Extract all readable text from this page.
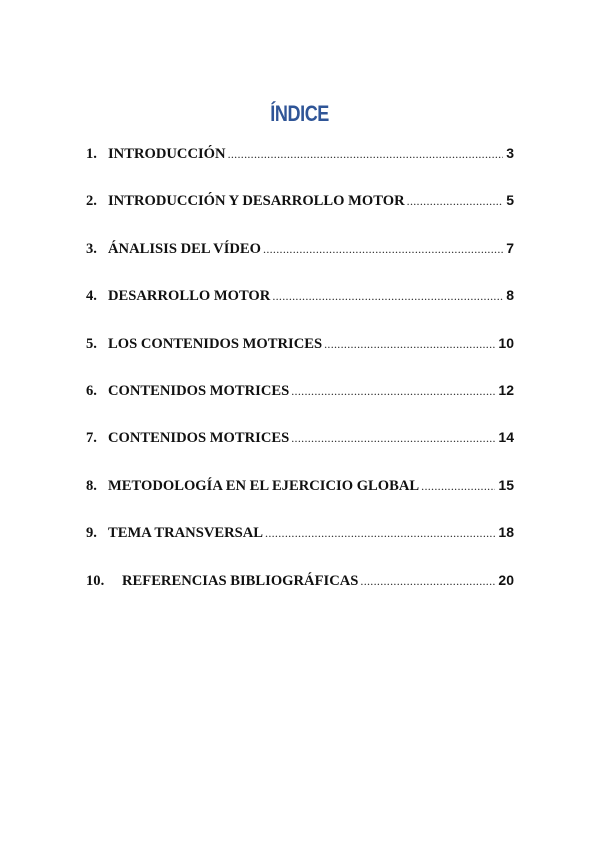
ÍNDICE
1. INTRODUCCIÓN .....	3
2. INTRODUCCIÓN Y DESARROLLO MOTOR .....	5
3. ÁNALISIS DEL VÍDEO .....	7
4. DESARROLLO MOTOR .....	8
5. LOS CONTENIDOS MOTRICES .....	10
6. CONTENIDOS MOTRICES .....	12
7. CONTENIDOS MOTRICES .....	14
8. METODOLOGÍA EN EL EJERCICIO GLOBAL .....	15
9. TEMA TRANSVERSAL .....	18
10.	REFERENCIAS BIBLIOGRÁFICAS .....	20
